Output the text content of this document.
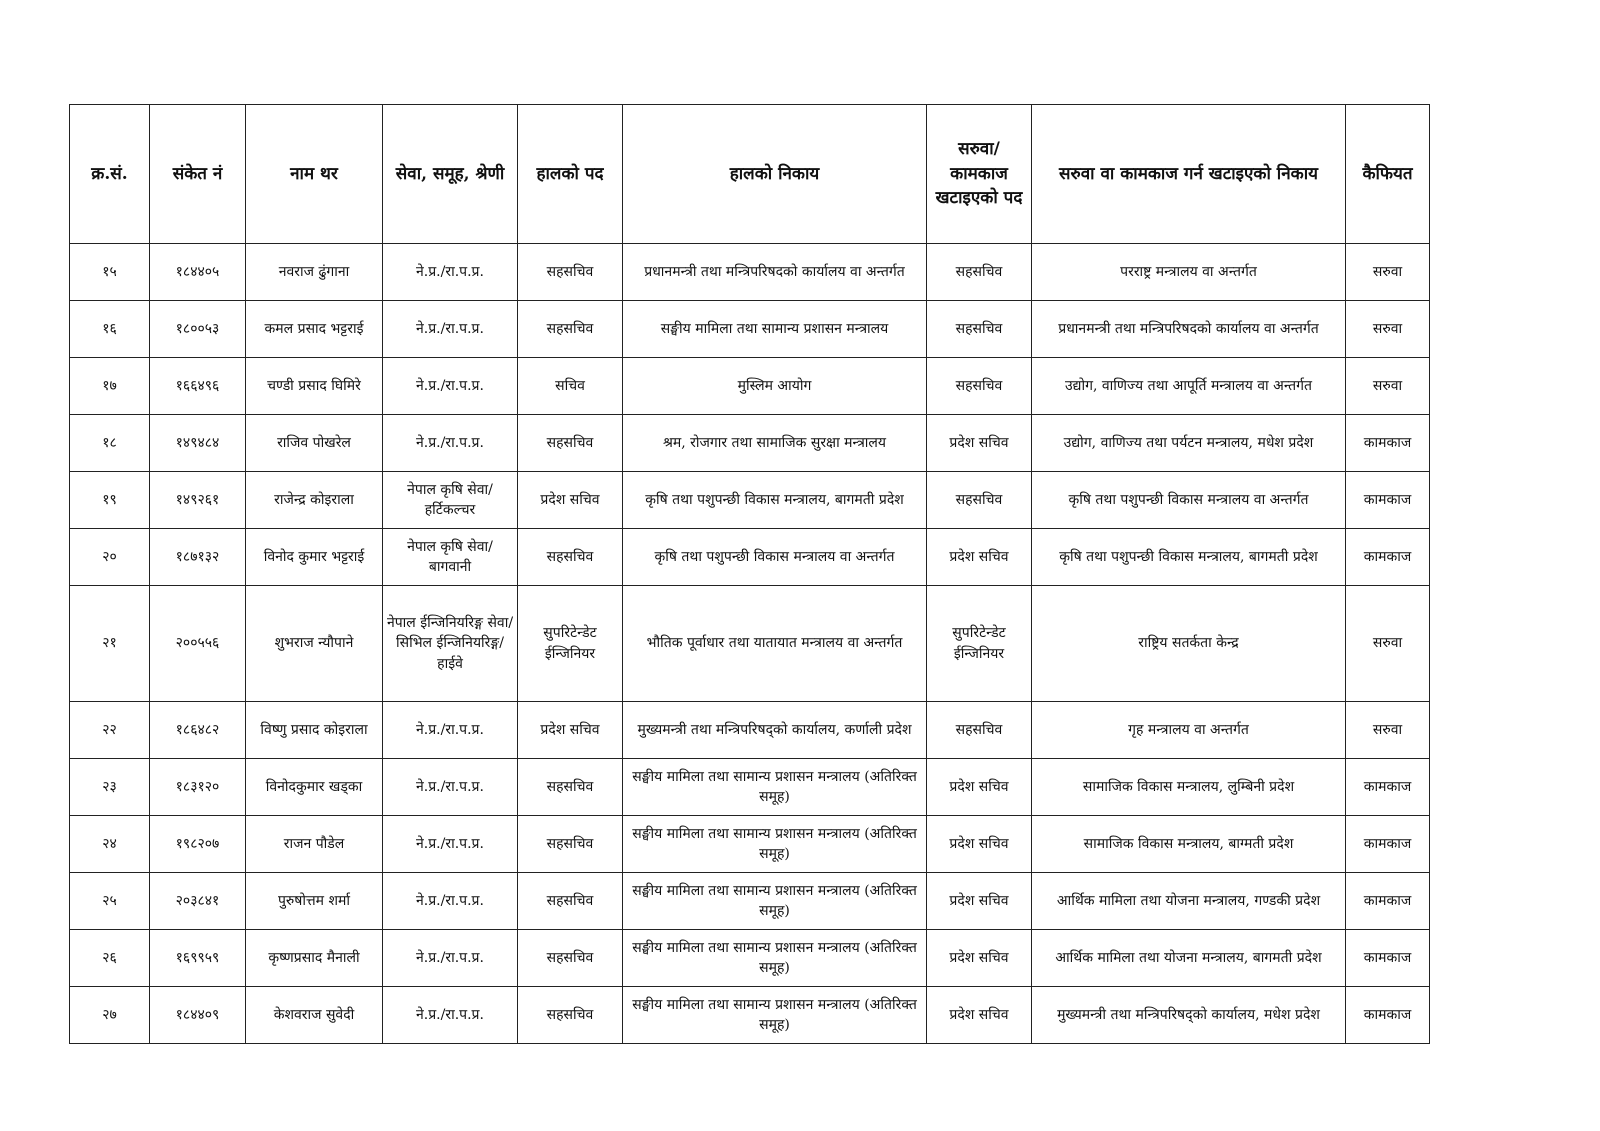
क्र.सं.	संकेत नं	नाम थर	सेवा, समूह, श्रेणी	हालको पद	हालको निकाय	सरुवा/कामकाज खटाइएको पद	सरुवा वा कामकाज गर्न खटाइएको निकाय	कैफियत
१५	१८४४०५	नवराज ढुंगाना	ने.प्र./रा.प.प्र.	सहसचिव	प्रधानमन्त्री तथा मन्त्रिपरिषदको कार्यालय वा अन्तर्गत	सहसचिव	परराष्ट्र मन्त्रालय वा अन्तर्गत	सरुवा
१६	१८००५३	कमल प्रसाद भट्टराई	ने.प्र./रा.प.प्र.	सहसचिव	सङ्घीय मामिला तथा सामान्य प्रशासन मन्त्रालय	सहसचिव	प्रधानमन्त्री तथा मन्त्रिपरिषदको कार्यालय वा अन्तर्गत	सरुवा
१७	१६६४९६	चण्डी प्रसाद घिमिरे	ने.प्र./रा.प.प्र.	सचिव	मुस्लिम आयोग	सहसचिव	उद्योग, वाणिज्य तथा आपूर्ति मन्त्रालय वा अन्तर्गत	सरुवा
१८	१४९४८४	राजिव पोखरेल	ने.प्र./रा.प.प्र.	सहसचिव	श्रम, रोजगार तथा सामाजिक सुरक्षा मन्त्रालय	प्रदेश सचिव	उद्योग, वाणिज्य तथा पर्यटन मन्त्रालय, मधेश प्रदेश	कामकाज
१९	१४९२६१	राजेन्द्र कोइराला	नेपाल कृषि सेवा/हर्टिकल्चर	प्रदेश सचिव	कृषि तथा पशुपन्छी विकास मन्त्रालय, बागमती प्रदेश	सहसचिव	कृषि तथा पशुपन्छी विकास मन्त्रालय वा अन्तर्गत	कामकाज
२०	१८७१३२	विनोद कुमार भट्टराई	नेपाल कृषि सेवा/बागवानी	सहसचिव	कृषि तथा पशुपन्छी विकास मन्त्रालय वा अन्तर्गत	प्रदेश सचिव	कृषि तथा पशुपन्छी विकास मन्त्रालय, बागमती प्रदेश	कामकाज
२१	२००५५६	शुभराज न्यौपाने	नेपाल ईन्जिनियरिङ्ग सेवा/सिभिल ईन्जिनियरिङ्ग/हाईवे	सुपरिटेन्डेट ईन्जिनियर	भौतिक पूर्वाधार तथा यातायात मन्त्रालय वा अन्तर्गत	सुपरिटेन्डेट ईन्जिनियर	राष्ट्रिय सतर्कता केन्द्र	सरुवा
२२	१८६४८२	विष्णु प्रसाद कोइराला	ने.प्र./रा.प.प्र.	प्रदेश सचिव	मुख्यमन्त्री तथा मन्त्रिपरिषद्को कार्यालय, कर्णाली प्रदेश	सहसचिव	गृह मन्त्रालय वा अन्तर्गत	सरुवा
२३	१८३१२०	विनोदकुमार खड्का	ने.प्र./रा.प.प्र.	सहसचिव	सङ्घीय मामिला तथा सामान्य प्रशासन मन्त्रालय (अतिरिक्त समूह)	प्रदेश सचिव	सामाजिक विकास मन्त्रालय, लुम्बिनी प्रदेश	कामकाज
२४	१९८२०७	राजन पौडेल	ने.प्र./रा.प.प्र.	सहसचिव	सङ्घीय मामिला तथा सामान्य प्रशासन मन्त्रालय (अतिरिक्त समूह)	प्रदेश सचिव	सामाजिक विकास मन्त्रालय, बाग्मती प्रदेश	कामकाज
२५	२०३८४१	पुरुषोत्तम शर्मा	ने.प्र./रा.प.प्र.	सहसचिव	सङ्घीय मामिला तथा सामान्य प्रशासन मन्त्रालय (अतिरिक्त समूह)	प्रदेश सचिव	आर्थिक मामिला तथा योजना मन्त्रालय, गण्डकी प्रदेश	कामकाज
२६	१६९९५९	कृष्णप्रसाद मैनाली	ने.प्र./रा.प.प्र.	सहसचिव	सङ्घीय मामिला तथा सामान्य प्रशासन मन्त्रालय (अतिरिक्त समूह)	प्रदेश सचिव	आर्थिक मामिला तथा योजना मन्त्रालय, बागमती प्रदेश	कामकाज
२७	१८४४०९	केशवराज सुवेदी	ने.प्र./रा.प.प्र.	सहसचिव	सङ्घीय मामिला तथा सामान्य प्रशासन मन्त्रालय (अतिरिक्त समूह)	प्रदेश सचिव	मुख्यमन्त्री तथा मन्त्रिपरिषद्को कार्यालय, मधेश प्रदेश	कामकाज
